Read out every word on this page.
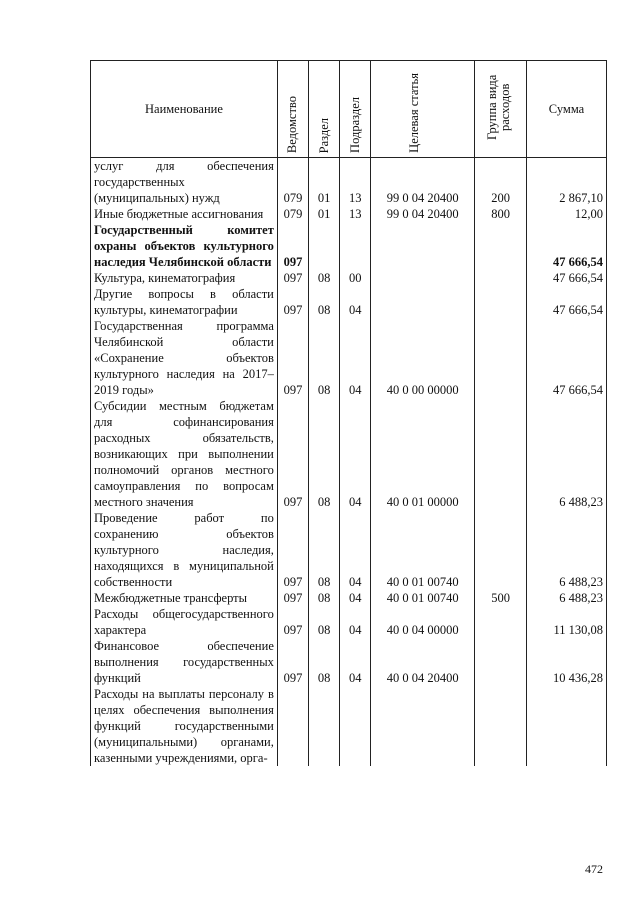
Наименование	Ведомство	Раздел	Подраздел	Целевая статья	Группа вида расходов	Сумма
услуг для обеспечения государственных (муниципальных) нужд	079	01	13	99 0 04 20400	200	2 867,10
Иные бюджетные ассигнования	079	01	13	99 0 04 20400	800	12,00
Государственный комитет охраны объектов культурного наследия Челябинской области	097					47 666,54
Культура, кинематография	097	08	00			47 666,54
Другие вопросы в области культуры, кинематографии	097	08	04			47 666,54
Государственная программа Челябинской области «Сохранение объектов культурного наследия на 2017–2019 годы»	097	08	04	40 0 00 00000		47 666,54
Субсидии местным бюджетам для софинансирования расходных обязательств, возникающих при выполнении полномочий органов местного самоуправления по вопросам местного значения	097	08	04	40 0 01 00000		6 488,23
Проведение работ по сохранению объектов культурного наследия, находящихся в муниципальной собственности	097	08	04	40 0 01 00740		6 488,23
Межбюджетные трансферты	097	08	04	40 0 01 00740	500	6 488,23
Расходы общегосударственного характера	097	08	04	40 0 04 00000		11 130,08
Финансовое обеспечение выполнения государственных функций	097	08	04	40 0 04 20400		10 436,28
Расходы на выплаты персоналу в целях обеспечения выполнения функций государственными (муниципальными) органами, казенными учреждениями, орга-						
472
